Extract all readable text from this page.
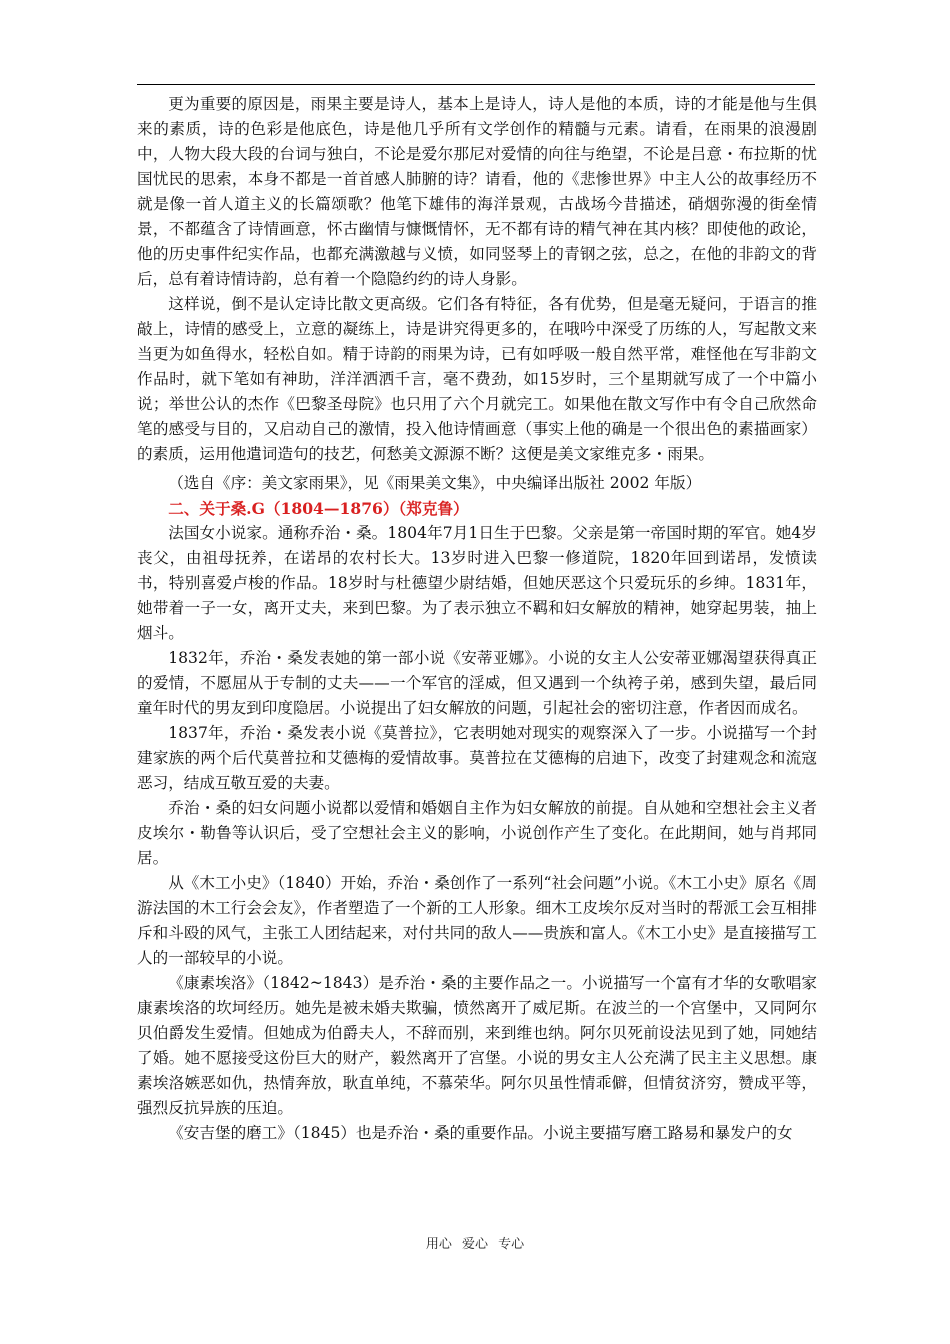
更为重要的原因是，雨果主要是诗人，基本上是诗人，诗人是他的本质，诗的才能是他与生俱来的素质，诗的色彩是他底色，诗是他几乎所有文学创作的精髓与元素。请看，在雨果的浪漫剧中，人物大段大段的台词与独白，不论是爱尔那尼对爱情的向往与绝望，不论是吕意・布拉斯的忧国忧民的思索，本身不都是一首首感人肺腑的诗？请看，他的《悲惨世界》中主人公的故事经历不就是像一首人道主义的长篇颂歌？他笔下雄伟的海洋景观，古战场今昔描述，硝烟弥漫的街垒情景，不都蕴含了诗情画意，怀古幽情与慷慨情怀，无不都有诗的精气神在其内核？即使他的政论，他的历史事件纪实作品，也都充满激越与义愤，如同竖琴上的青钢之弦，总之，在他的非韵文的背后，总有着诗情诗韵，总有着一个隐隐约约的诗人身影。

这样说，倒不是认定诗比散文更高级。它们各有特征，各有优势，但是毫无疑问，于语言的推敲上，诗情的感受上，立意的凝练上，诗是讲究得更多的，在哦吟中深受了历练的人，写起散文来当更为如鱼得水，轻松自如。精于诗韵的雨果为诗，已有如呼吸一般自然平常，难怪他在写非韵文作品时，就下笔如有神助，洋洋洒洒千言，毫不费劲，如15岁时，三个星期就写成了一个中篇小说；举世公认的杰作《巴黎圣母院》也只用了六个月就完工。如果他在散文写作中有令自己欣然命笔的感受与目的，又启动自己的激情，投入他诗情画意（事实上他的确是一个很出色的素描画家）的素质，运用他遣词造句的技艺，何愁美文源源不断？这便是美文家维克多・雨果。

（选自《序：美文家雨果》，见《雨果美文集》，中央编译出版社 2002 年版）

二、关于桑.G（1804—1876）（郑克鲁）

法国女小说家。通称乔治・桑。1804年7月1日生于巴黎。父亲是第一帝国时期的军官。她4岁丧父，由祖母抚养，在诺昂的农村长大。13岁时进入巴黎一修道院，1820年回到诺昂，发愤读书，特别喜爱卢梭的作品。18岁时与杜德望少尉结婚，但她厌恶这个只爱玩乐的乡绅。1831年，她带着一子一女，离开丈夫，来到巴黎。为了表示独立不羁和妇女解放的精神，她穿起男装，抽上烟斗。

1832年，乔治・桑发表她的第一部小说《安蒂亚娜》。小说的女主人公安蒂亚娜渴望获得真正的爱情，不愿屈从于专制的丈夫——一个军官的淫威，但又遇到一个纨袴子弟，感到失望，最后同童年时代的男友到印度隐居。小说提出了妇女解放的问题，引起社会的密切注意，作者因而成名。

1837年，乔治・桑发表小说《莫普拉》，它表明她对现实的观察深入了一步。小说描写一个封建家族的两个后代莫普拉和艾德梅的爱情故事。莫普拉在艾德梅的启迪下，改变了封建观念和流寇恶习，结成互敬互爱的夫妻。

乔治・桑的妇女问题小说都以爱情和婚姻自主作为妇女解放的前提。自从她和空想社会主义者皮埃尔・勒鲁等认识后，受了空想社会主义的影响，小说创作产生了变化。在此期间，她与肖邦同居。

从《木工小史》（1840）开始，乔治・桑创作了一系列“社会问题”小说。《木工小史》原名《周游法国的木工行会会友》，作者塑造了一个新的工人形象。细木工皮埃尔反对当时的帮派工会互相排斥和斗殴的风气，主张工人团结起来，对付共同的敌人——贵族和富人。《木工小史》是直接描写工人的一部较早的小说。

《康素埃洛》（1842~1843）是乔治・桑的主要作品之一。小说描写一个富有才华的女歌唱家康素埃洛的坎坷经历。她先是被未婚夫欺骗，愤然离开了威尼斯。在波兰的一个宫堡中，又同阿尔贝伯爵发生爱情。但她成为伯爵夫人，不辞而别，来到维也纳。阿尔贝死前设法见到了她，同她结了婚。她不愿接受这份巨大的财产，毅然离开了宫堡。小说的男女主人公充满了民主主义思想。康素埃洛嫉恶如仇，热情奔放，耿直单纯，不慕荣华。阿尔贝虽性情乖僻，但情贫济穷，赞成平等，强烈反抗异族的压迫。

《安吉堡的磨工》（1845）也是乔治・桑的重要作品。小说主要描写磨工路易和暴发户的女

用心 爱心 专心
